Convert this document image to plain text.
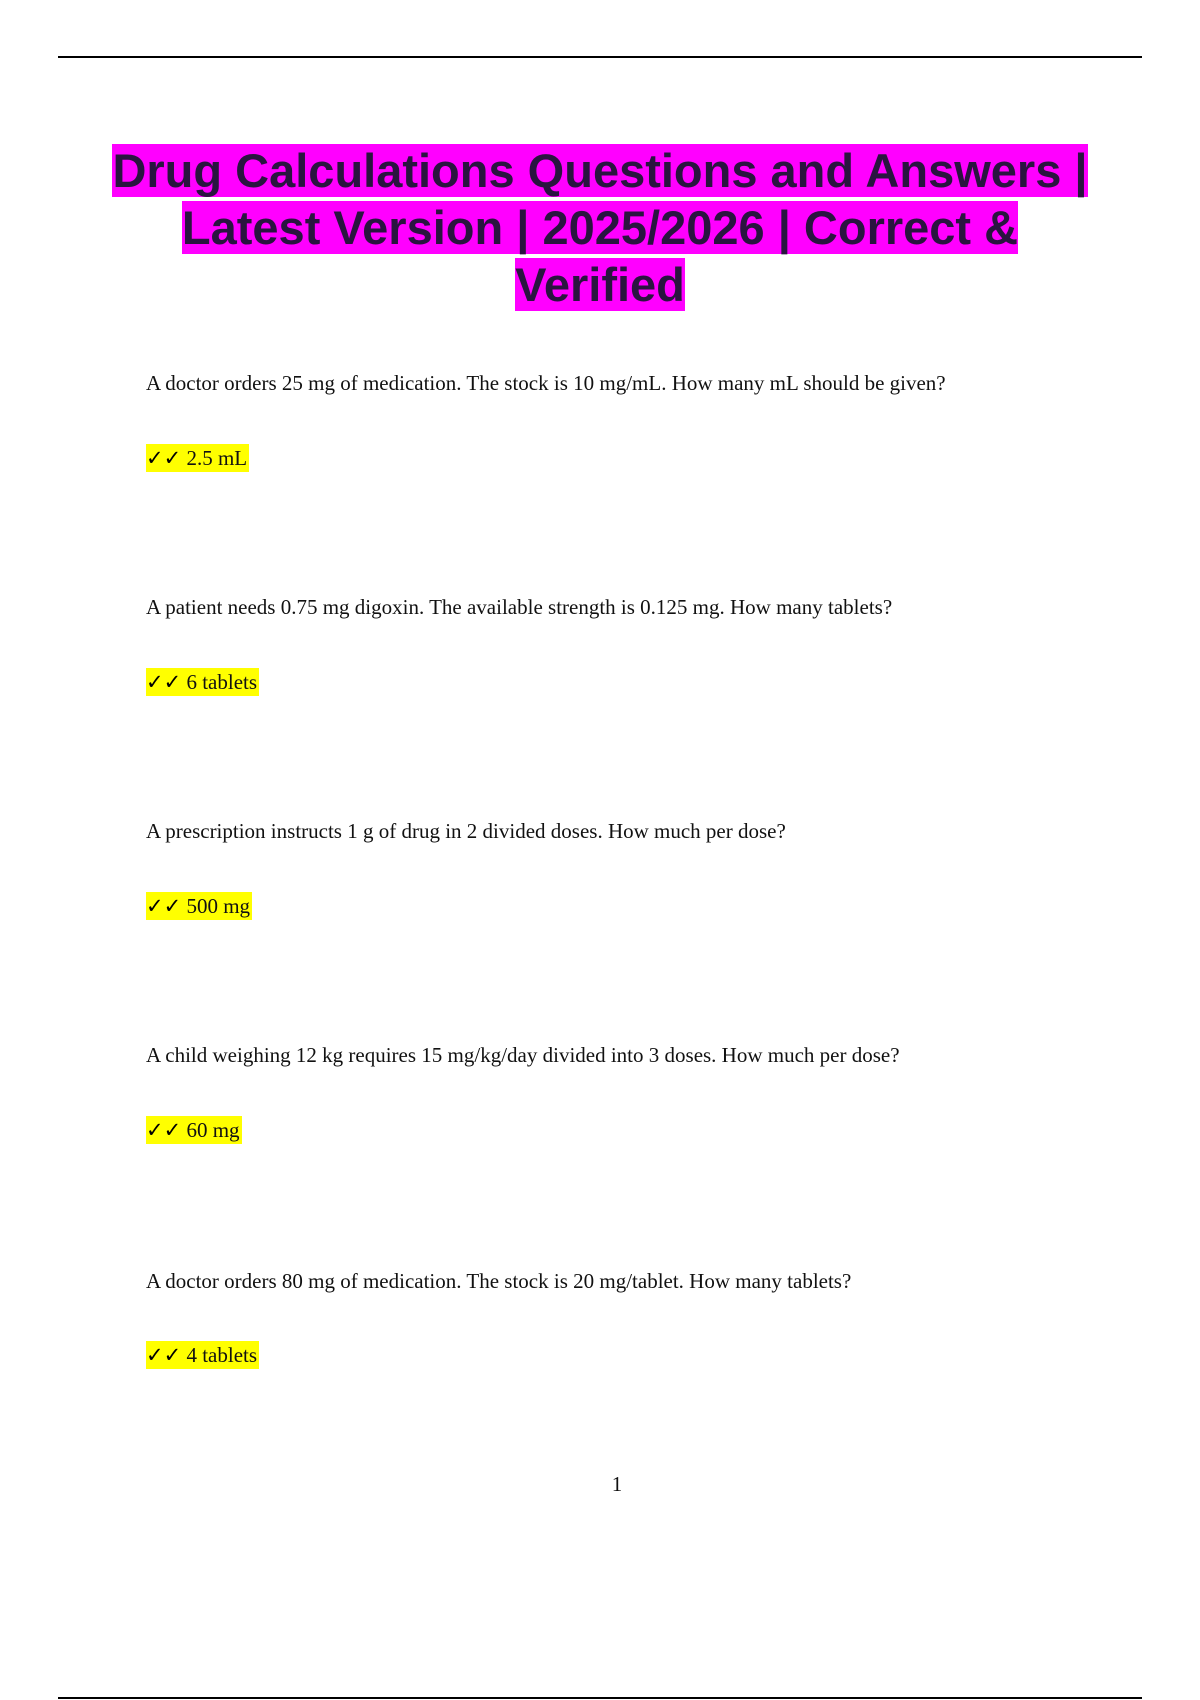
Drug Calculations Questions and Answers | Latest Version | 2025/2026 | Correct & Verified
A doctor orders 25 mg of medication. The stock is 10 mg/mL. How many mL should be given?
✓✓ 2.5 mL
A patient needs 0.75 mg digoxin. The available strength is 0.125 mg. How many tablets?
✓✓ 6 tablets
A prescription instructs 1 g of drug in 2 divided doses. How much per dose?
✓✓ 500 mg
A child weighing 12 kg requires 15 mg/kg/day divided into 3 doses. How much per dose?
✓✓ 60 mg
A doctor orders 80 mg of medication. The stock is 20 mg/tablet. How many tablets?
✓✓ 4 tablets
1
